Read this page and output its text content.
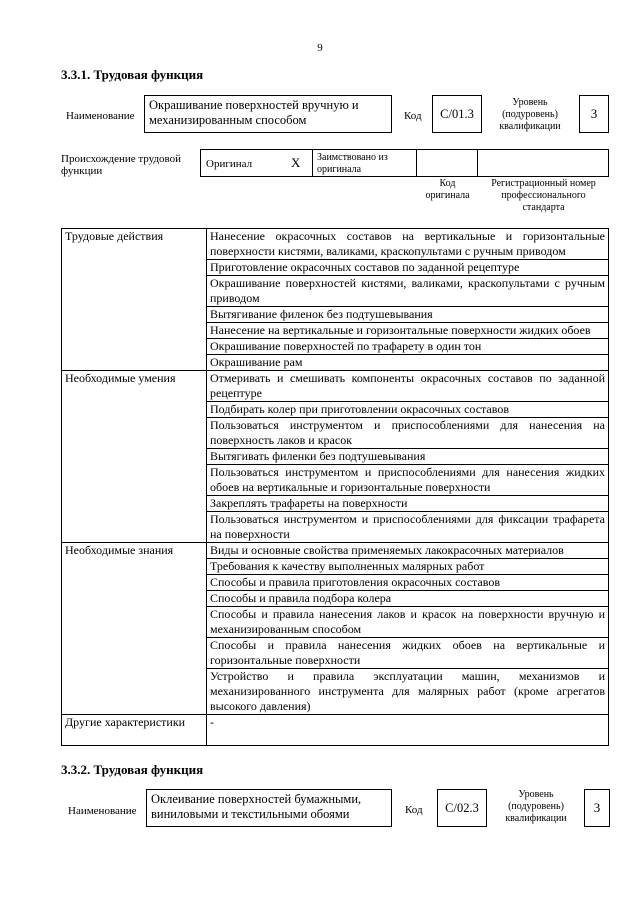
9
3.3.1. Трудовая функция
Наименование
Окрашивание поверхностей вручную и
механизированным способом	Код	C/01.3
Уровень
(подуровень)
квалификации
3
Происхождение трудовой
функции
Оригинал	X Заимствовано из
оригинала
Код
оригинала
Регистрационный номер
профессионального
стандарта
Трудовые действия	Нанесение окрасочных составов на вертикальные и горизонтальные поверхности кистями, валиками, краскопультами с ручным приводом
	Приготовление окрасочных составов по заданной рецептуре
	Окрашивание поверхностей кистями, валиками, краскопультами с ручным приводом
	Вытягивание филенок без подтушевывания
	Нанесение на вертикальные и горизонтальные поверхности жидких обоев
	Окрашивание поверхностей по трафарету в один тон
	Окрашивание рам
Необходимые умения	Отмеривать и смешивать компоненты окрасочных составов по заданной рецептуре
	Подбирать колер при приготовлении окрасочных составов
	Пользоваться инструментом и приспособлениями для нанесения на поверхность лаков и красок
	Вытягивать филенки без подтушевывания
	Пользоваться инструментом и приспособлениями для нанесения жидких обоев на вертикальные и горизонтальные поверхности
	Закреплять трафареты на поверхности
	Пользоваться инструментом и приспособлениями для фиксации трафарета на поверхности
Необходимые знания	Виды и основные свойства применяемых лакокрасочных материалов
	Требования к качеству выполненных малярных работ
	Способы и правила приготовления окрасочных составов
	Способы и правила подбора колера
	Способы и правила нанесения лаков и красок на поверхности вручную и механизированным способом
	Способы и правила нанесения жидких обоев на вертикальные и горизонтальные поверхности
	Устройство и правила эксплуатации машин, механизмов и механизированного инструмента для малярных работ (кроме агрегатов высокого давления)
Другие характеристики	-
3.3.2. Трудовая функция
Наименование
Оклеивание поверхностей бумажными,
виниловыми и текстильными обоями	Код	C/02.3
Уровень
(подуровень)
квалификации
3
